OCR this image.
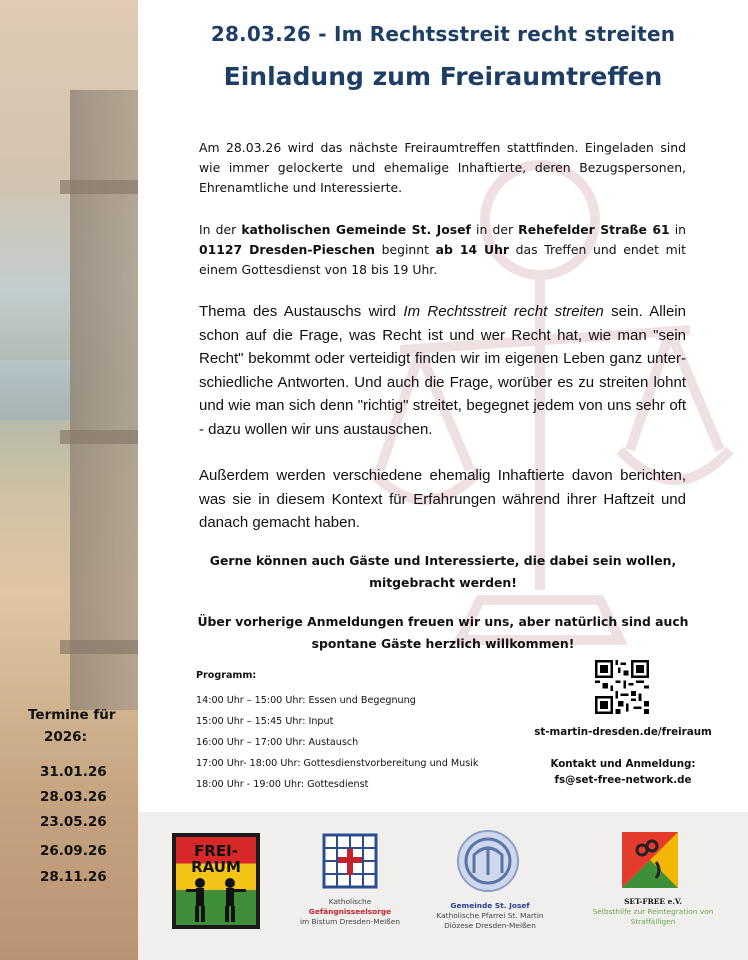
Termine für
2026:
31.01.26
28.03.26
23.05.26
26.09.26
28.11.26
28.03.26 - Im Rechtsstreit recht streiten
Einladung zum Freiraumtreffen

Am 28.03.26 wird das nächste Freiraumtreffen stattfinden. Eingeladen sind wie immer gelockerte und ehemalige Inhaftierte, deren Bezugspersonen, Ehrenamtliche und Interessierte.

In der katholischen Gemeinde St. Josef in der Rehefelder Straße 61 in 01127 Dresden-Pieschen beginnt ab 14 Uhr das Treffen und endet mit einem Gottesdienst von 18 bis 19 Uhr.

Thema des Austauschs wird Im Rechtsstreit recht streiten sein. Allein schon auf die Frage, was Recht ist und wer Recht hat, wie man "sein Recht" bekommt oder verteidigt finden wir im eigenen Leben ganz unter-schiedliche Antworten. Und auch die Frage, worüber es zu streiten lohnt und wie man sich denn "richtig" streitet, begegnet jedem von uns sehr oft - dazu wollen wir uns austauschen.

Außerdem werden verschiedene ehemalig Inhaftierte davon berichten, was sie in diesem Kontext für Erfahrungen während ihrer Haftzeit und danach gemacht haben.

Gerne können auch Gäste und Interessierte, die dabei sein wollen,
mitgebracht werden!
Über vorherige Anmeldungen freuen wir uns, aber natürlich sind auch
spontane Gäste herzlich willkommen!
Programm:
14:00 Uhr – 15:00 Uhr: Essen und Begegnung
15:00 Uhr – 15:45 Uhr: Input
16:00 Uhr – 17:00 Uhr: Austausch
17:00 Uhr- 18:00 Uhr: Gottesdienstvorbereitung und Musik
18:00 Uhr - 19:00 Uhr: Gottesdienst
st-martin-dresden.de/freiraum
Kontakt und Anmeldung:
fs@set-free-network.de
FREI-
RAUM
Katholische
Gefängnisseelsorge
im Bistum Dresden-Meißen
Gemeinde St. Josef
Katholische Pfarrei St. Martin
Diözese Dresden-Meißen
SET-FREE e.V.
Selbsthilfe zur Reintegration von
Straffälligen
